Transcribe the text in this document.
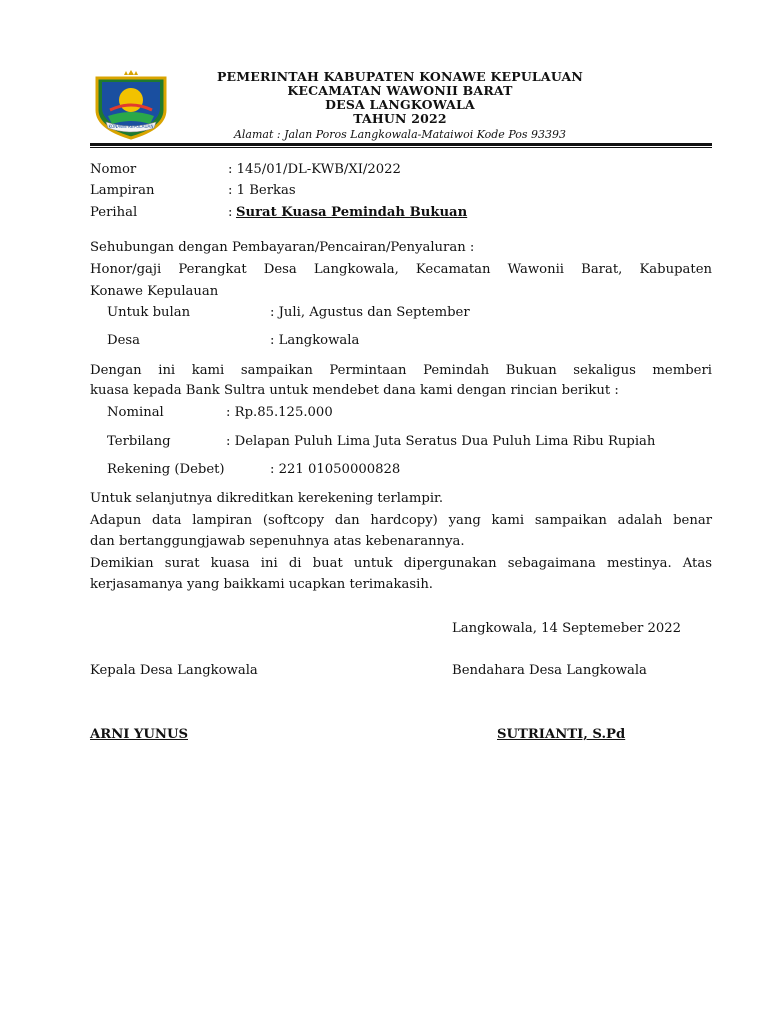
KONAWE KEPULAUAN
PEMERINTAH KABUPATEN KONAWE KEPULAUAN
KECAMATAN WAWONII BARAT
DESA LANGKOWALA
TAHUN 2022
Alamat : Jalan Poros Langkowala-Mataiwoi Kode Pos 93393
Nomor	: 145/01/DL-KWB/XI/2022
Lampiran	: 1 Berkas
Perihal	: Surat Kuasa Pemindah Bukuan
Sehubungan dengan Pembayaran/Pencairan/Penyaluran :
Honor/gaji Perangkat Desa Langkowala, Kecamatan Wawonii Barat, Kabupaten
Konawe Kepulauan
Untuk bulan	: Juli, Agustus dan September
Desa	: Langkowala
Dengan ini kami sampaikan Permintaan Pemindah Bukuan sekaligus memberi
kuasa kepada Bank Sultra untuk mendebet dana kami dengan rincian berikut :
Nominal	: Rp.85.125.000
Terbilang	: Delapan Puluh Lima Juta Seratus Dua Puluh Lima Ribu Rupiah
Rekening (Debet)	: 221 01050000828
Untuk selanjutnya dikreditkan kerekening terlampir.
Adapun data lampiran (softcopy dan hardcopy) yang kami sampaikan adalah benar
dan bertanggungjawab sepenuhnya atas kebenarannya.
Demikian surat kuasa ini di buat untuk dipergunakan sebagaimana mestinya. Atas
kerjasamanya yang baikkami ucapkan terimakasih.
Langkowala, 14 Septemeber 2022
Kepala Desa Langkowala	Bendahara Desa Langkowala
ARNI YUNUS	SUTRIANTI, S.Pd
